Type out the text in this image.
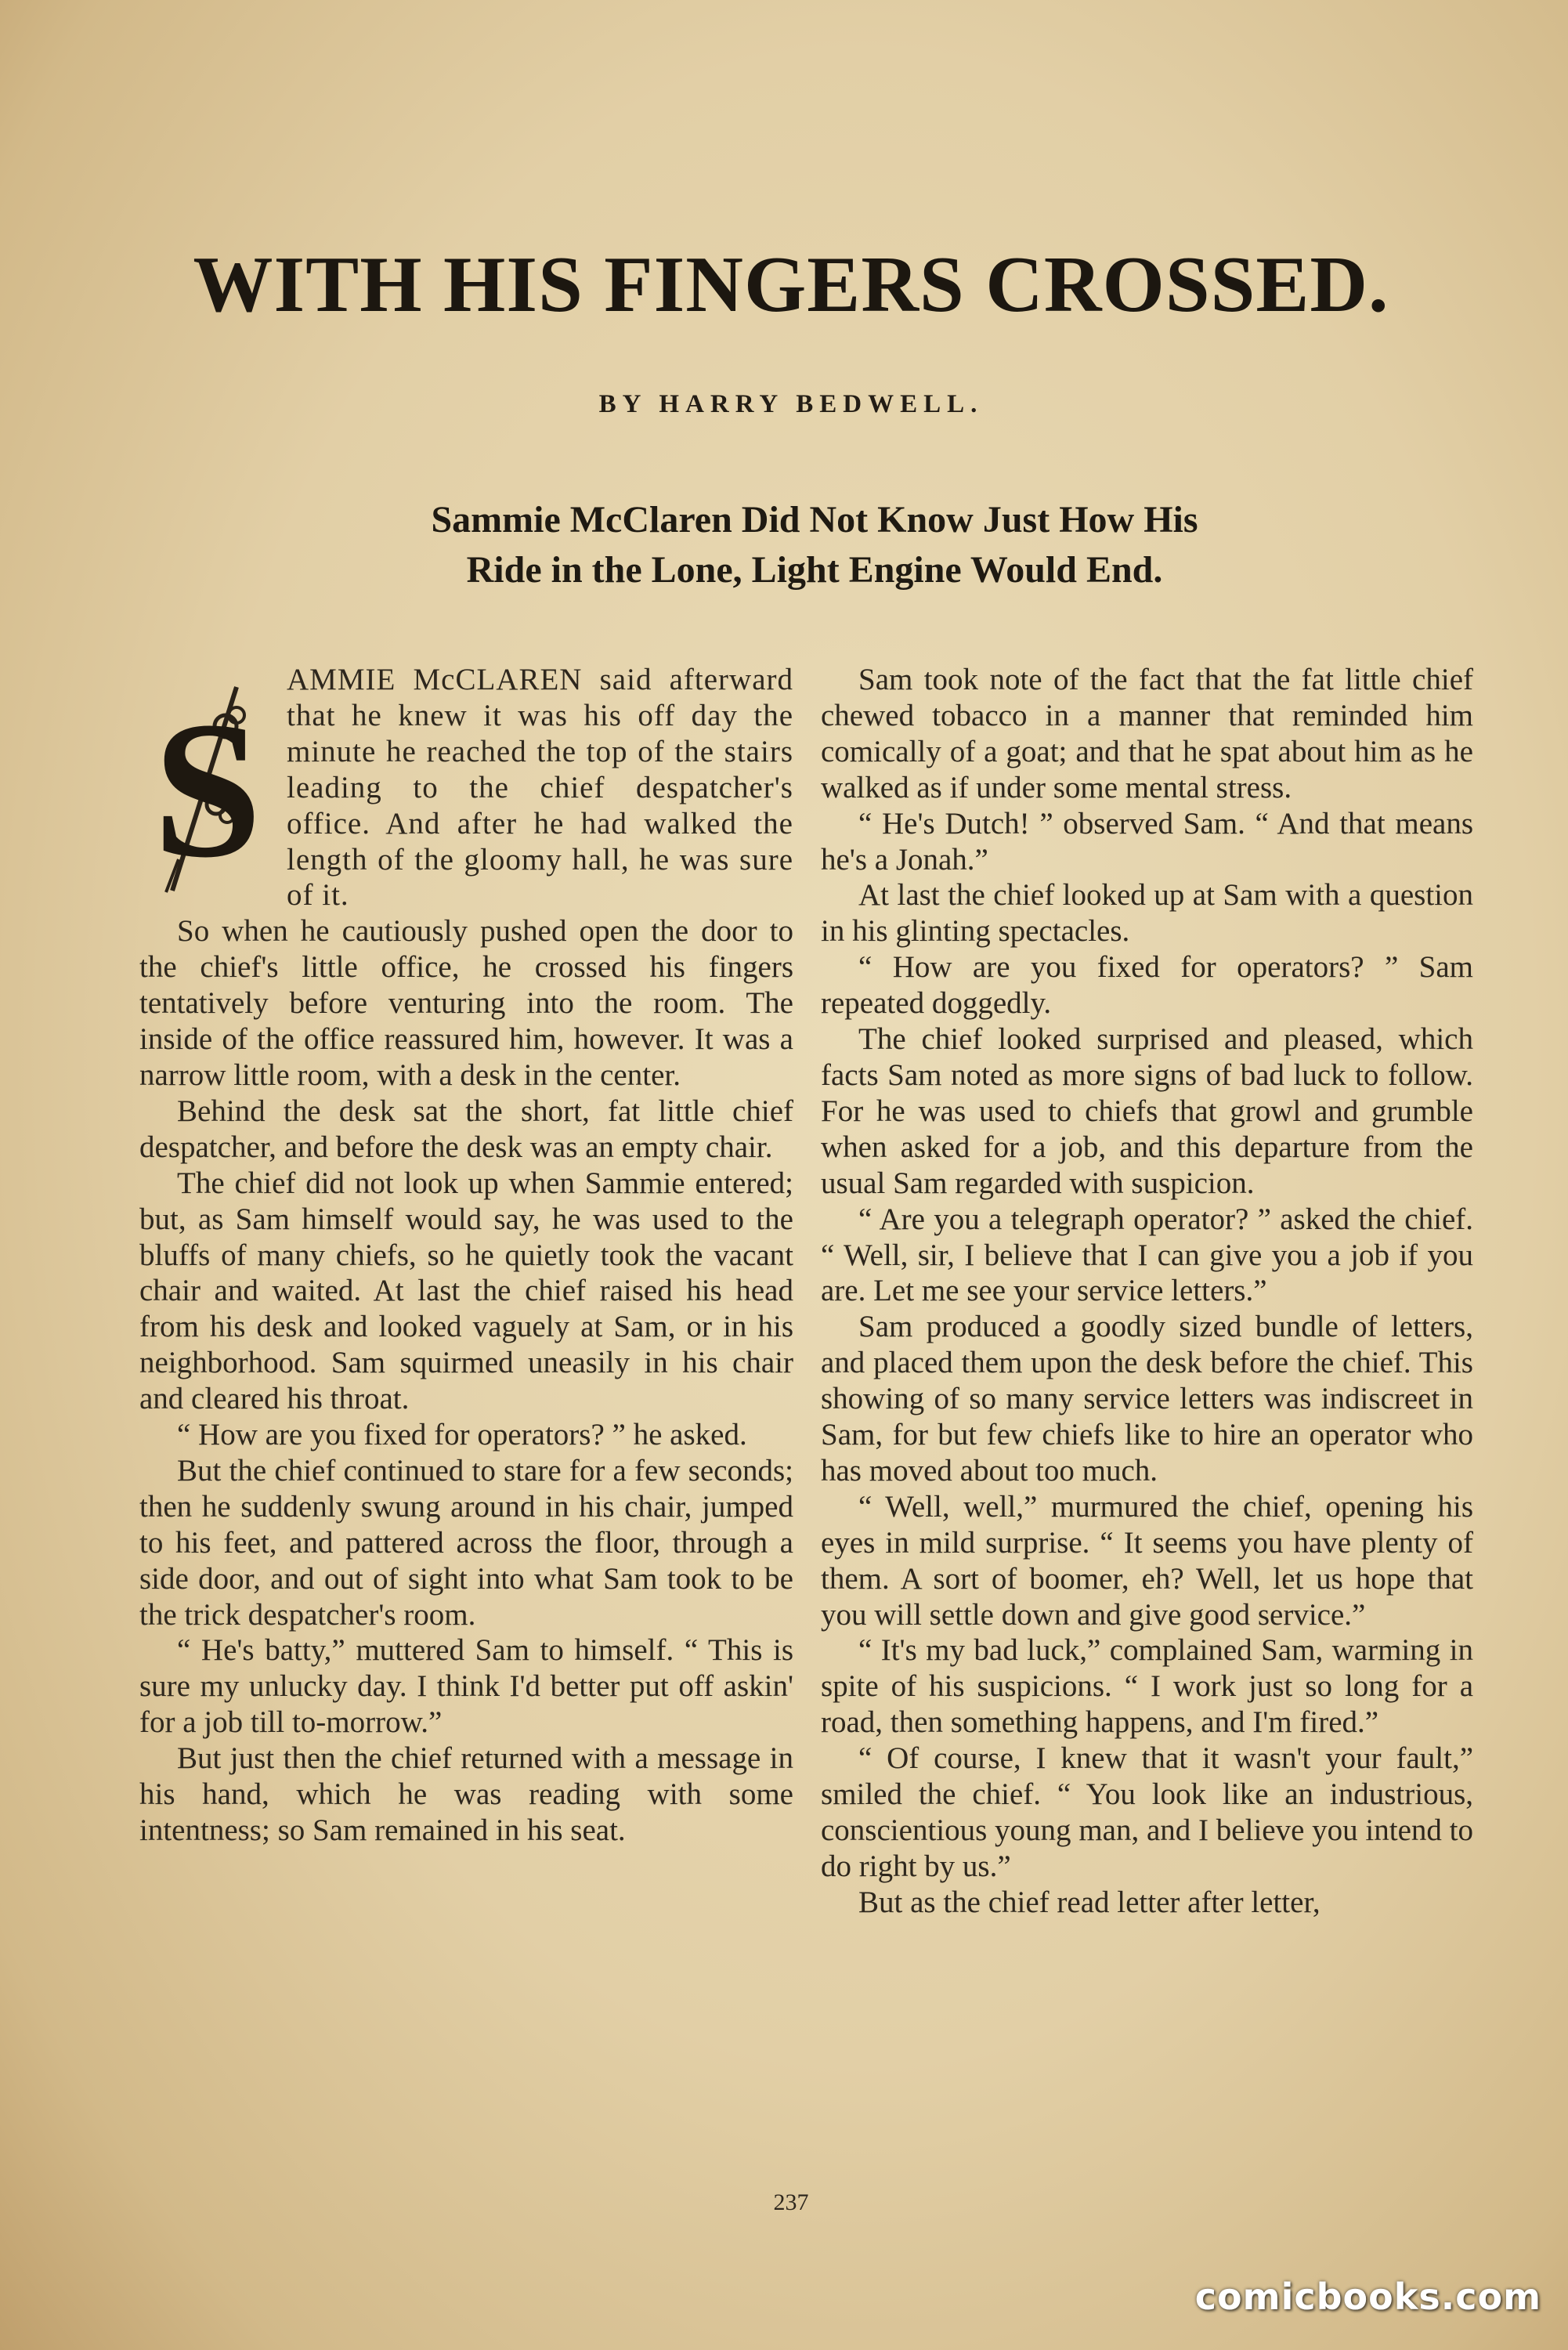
WITH HIS FINGERS CROSSED.
BY HARRY BEDWELL.
Sammie McClaren Did Not Know Just How His
Ride in the Lone, Light Engine Would End.
S

AMMIE McCLAREN said afterward that he knew it was his off day the minute he reached the top of the stairs leading to the chief despatcher's office. And after he had walked the length of the gloomy hall, he was sure of it.

So when he cautiously pushed open the door to the chief's little office, he crossed his fingers tentatively before venturing into the room. The inside of the office reassured him, however. It was a narrow little room, with a desk in the center.

Behind the desk sat the short, fat little chief despatcher, and before the desk was an empty chair.

The chief did not look up when Sammie entered; but, as Sam himself would say, he was used to the bluffs of many chiefs, so he quietly took the vacant chair and waited. At last the chief raised his head from his desk and looked vaguely at Sam, or in his neighborhood. Sam squirmed uneasily in his chair and cleared his throat.

“ How are you fixed for operators? ” he asked.

But the chief continued to stare for a few seconds; then he suddenly swung around in his chair, jumped to his feet, and pattered across the floor, through a side door, and out of sight into what Sam took to be the trick despatcher's room.

“ He's batty,” muttered Sam to himself. “ This is sure my unlucky day. I think I'd better put off askin' for a job till to-morrow.”

But just then the chief returned with a message in his hand, which he was reading with some intentness; so Sam remained in his seat.

Sam took note of the fact that the fat little chief chewed tobacco in a manner that reminded him comically of a goat; and that he spat about him as he walked as if under some mental stress.

“ He's Dutch! ” observed Sam. “ And that means he's a Jonah.”

At last the chief looked up at Sam with a question in his glinting spectacles.

“ How are you fixed for operators? ” Sam repeated doggedly.

The chief looked surprised and pleased, which facts Sam noted as more signs of bad luck to follow. For he was used to chiefs that growl and grumble when asked for a job, and this departure from the usual Sam regarded with suspicion.

“ Are you a telegraph operator? ” asked the chief. “ Well, sir, I believe that I can give you a job if you are. Let me see your service letters.”

Sam produced a goodly sized bundle of letters, and placed them upon the desk before the chief. This showing of so many service letters was indiscreet in Sam, for but few chiefs like to hire an operator who has moved about too much.

“ Well, well,” murmured the chief, opening his eyes in mild surprise. “ It seems you have plenty of them. A sort of boomer, eh? Well, let us hope that you will settle down and give good service.”

“ It's my bad luck,” complained Sam, warming in spite of his suspicions. “ I work just so long for a road, then something happens, and I'm fired.”

“ Of course, I knew that it wasn't your fault,” smiled the chief. “ You look like an industrious, conscientious young man, and I believe you intend to do right by us.”

But as the chief read letter after letter,

237
comicbooks.com
